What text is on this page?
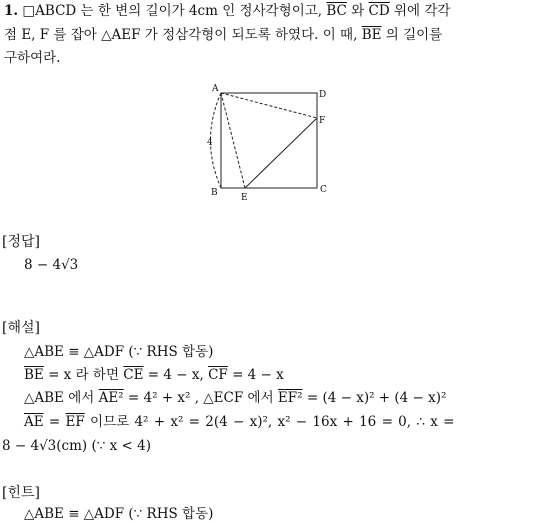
1. □ABCD 는 한 변의 길이가 4cm 인 정사각형이고, $\overline{BC}$ 와 $\overline{CD}$ 위에 각각
점 E, F 를 잡아 △AEF 가 정삼각형이 되도록 하였다. 이 때, $\overline{BE}$ 의 길이를
구하여라.
A
D
F
B	E
C
4
[정답]
8 − 4√3
[해설]
△ABE ≡ △ADF (∵ RHS 합동)
$\overline{BE} = x$ 라 하면 $\overline{CE} = 4 - x$, $\overline{CF} = 4 - x$
△ABE 에서 AE² = 4² + x² , △ECF 에서 EF² = (4 − x)² + (4 − x)²
$\overline{AE} = \overline{EF}$ 이므로 4² + x² = 2(4 − x)², x² − 16x + 16 = 0, ∴ x =
8 − 4√3(cm) (∵ x < 4)
[힌트]
△ABE ≡ △ADF (∵ RHS 합동)
